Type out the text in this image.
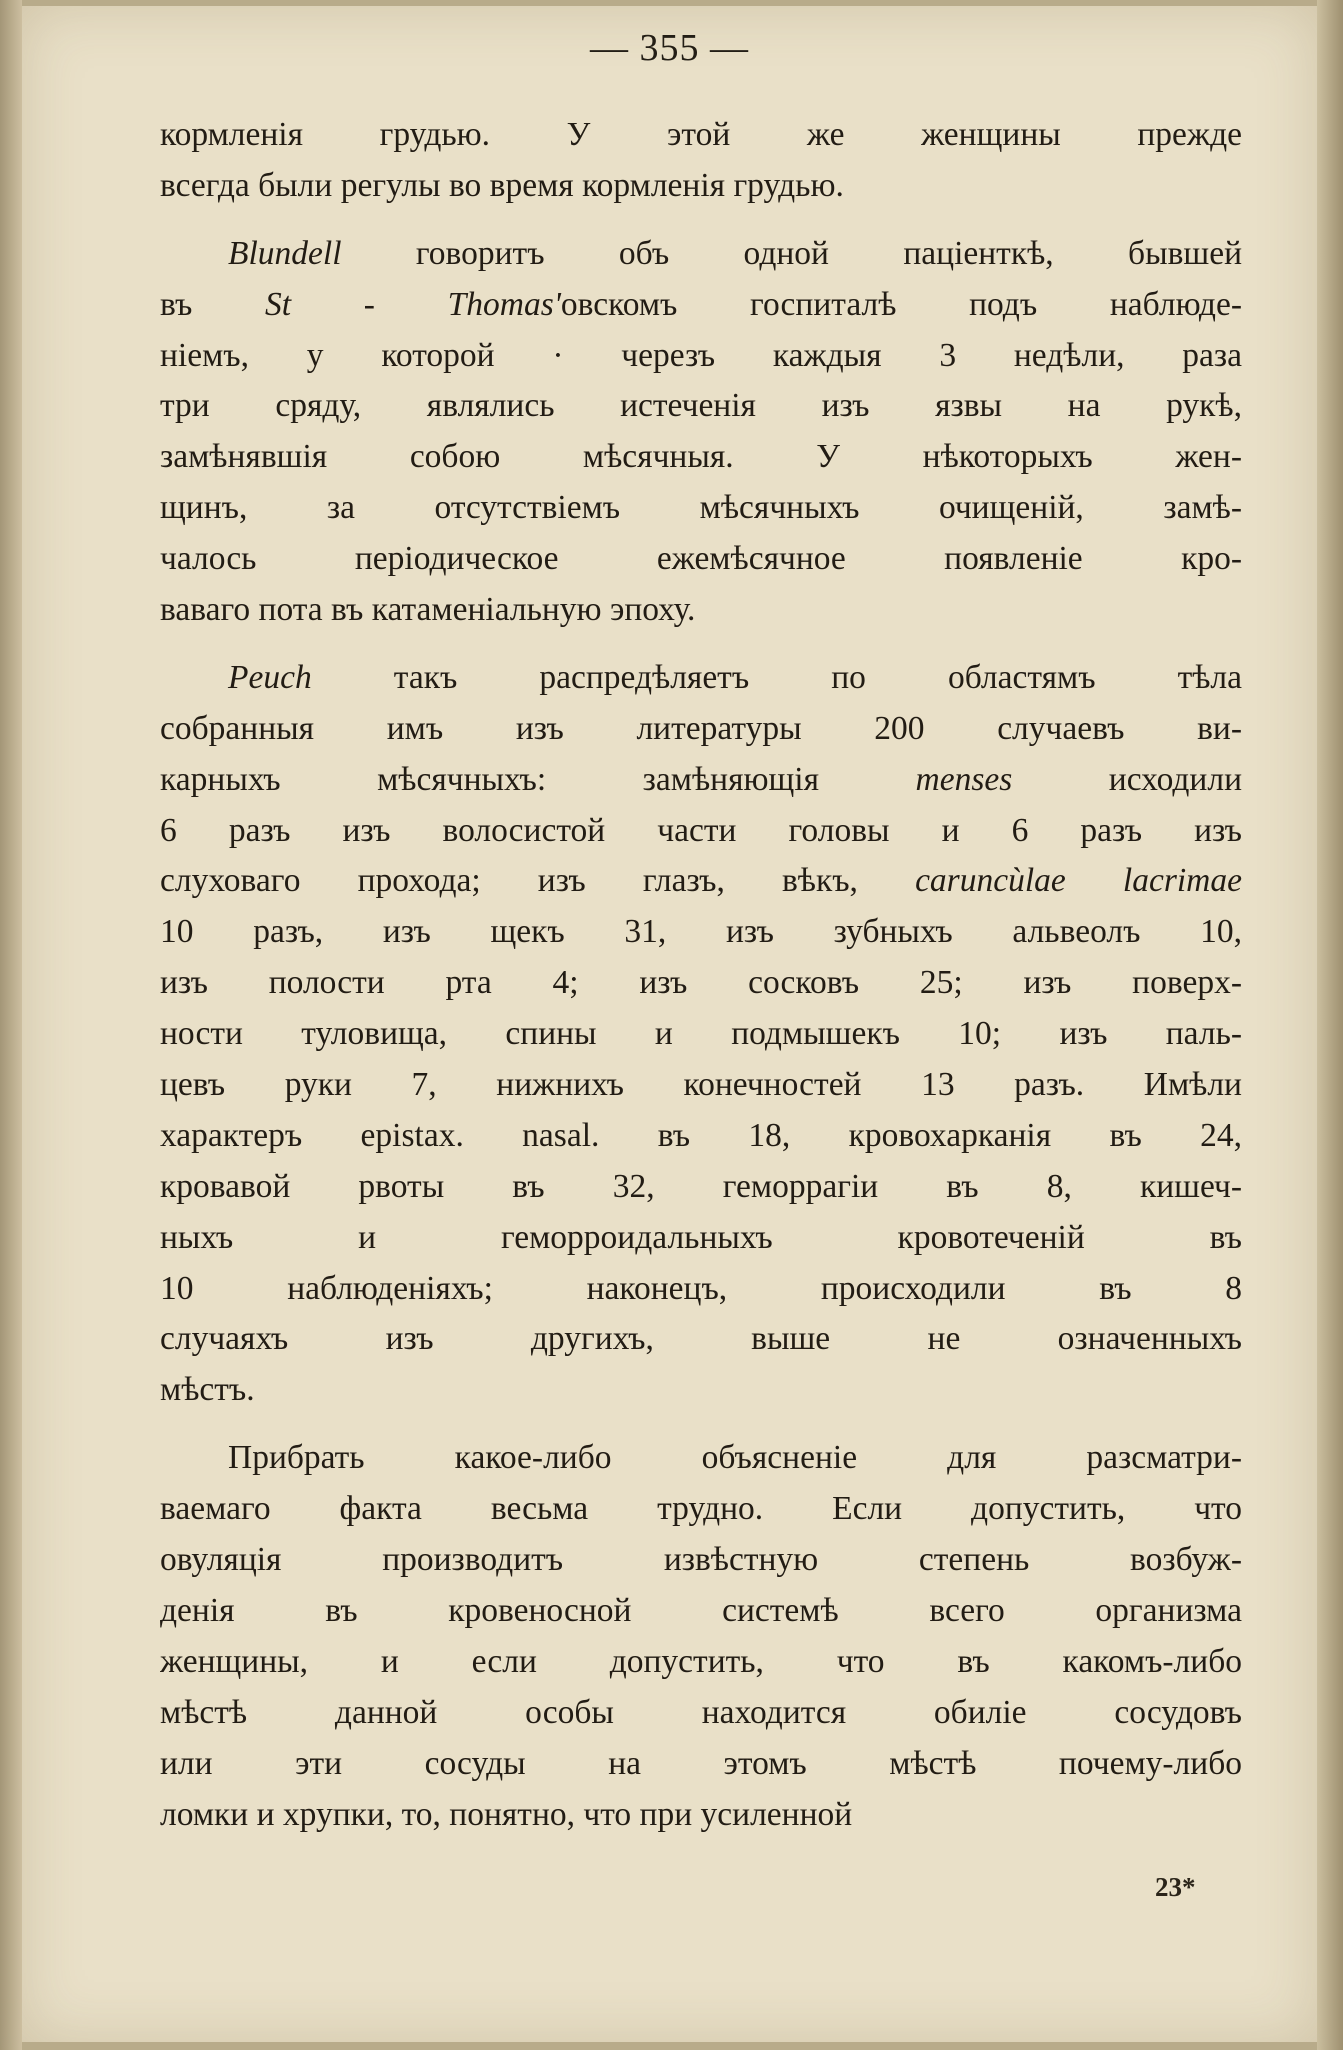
— 355 —
кормленія грудью. У этой же женщины прежде
всегда были регулы во время кормленія грудью.
Blundell говоритъ объ одной паціенткѣ, бывшей
въ St - Thomas'овскомъ госпиталѣ подъ наблюде-
ніемъ, у которой · черезъ каждыя 3 недѣли, раза
три сряду, являлись истеченія изъ язвы на рукѣ,
замѣнявшія собою мѣсячныя. У нѣкоторыхъ жен-
щинъ, за отсутствіемъ мѣсячныхъ очищеній, замѣ-
чалось періодическое ежемѣсячное появленіе кро-
ваваго пота въ катаменіальную эпоху.
Peuch такъ распредѣляетъ по областямъ тѣла
собранныя имъ изъ литературы 200 случаевъ ви-
карныхъ мѣсячныхъ: замѣняющія menses исходили
6 разъ изъ волосистой части головы и 6 разъ изъ
слуховаго прохода; изъ глазъ, вѣкъ, caruncùlae lacrimae
10 разъ, изъ щекъ 31, изъ зубныхъ альвеолъ 10,
изъ полости рта 4; изъ сосковъ 25; изъ поверх-
ности туловища, спины и подмышекъ 10; изъ паль-
цевъ руки 7, нижнихъ конечностей 13 разъ. Имѣли
характеръ epistax. nasal. въ 18, кровохарканія въ 24,
кровавой рвоты въ 32, геморрагіи въ 8, кишеч-
ныхъ и геморроидальныхъ кровотеченій въ
10 наблюденіяхъ; наконецъ, происходили въ 8
случаяхъ изъ другихъ, выше не означенныхъ
мѣстъ.
Прибрать какое-либо объясненіе для разсматри-
ваемаго факта весьма трудно. Если допустить, что
овуляція производитъ извѣстную степень возбуж-
денія въ кровеносной системѣ всего организма
женщины, и если допустить, что въ какомъ-либо
мѣстѣ данной особы находится обиліе сосудовъ
или эти сосуды на этомъ мѣстѣ почему-либо
ломки и хрупки, то, понятно, что при усиленной
23*
